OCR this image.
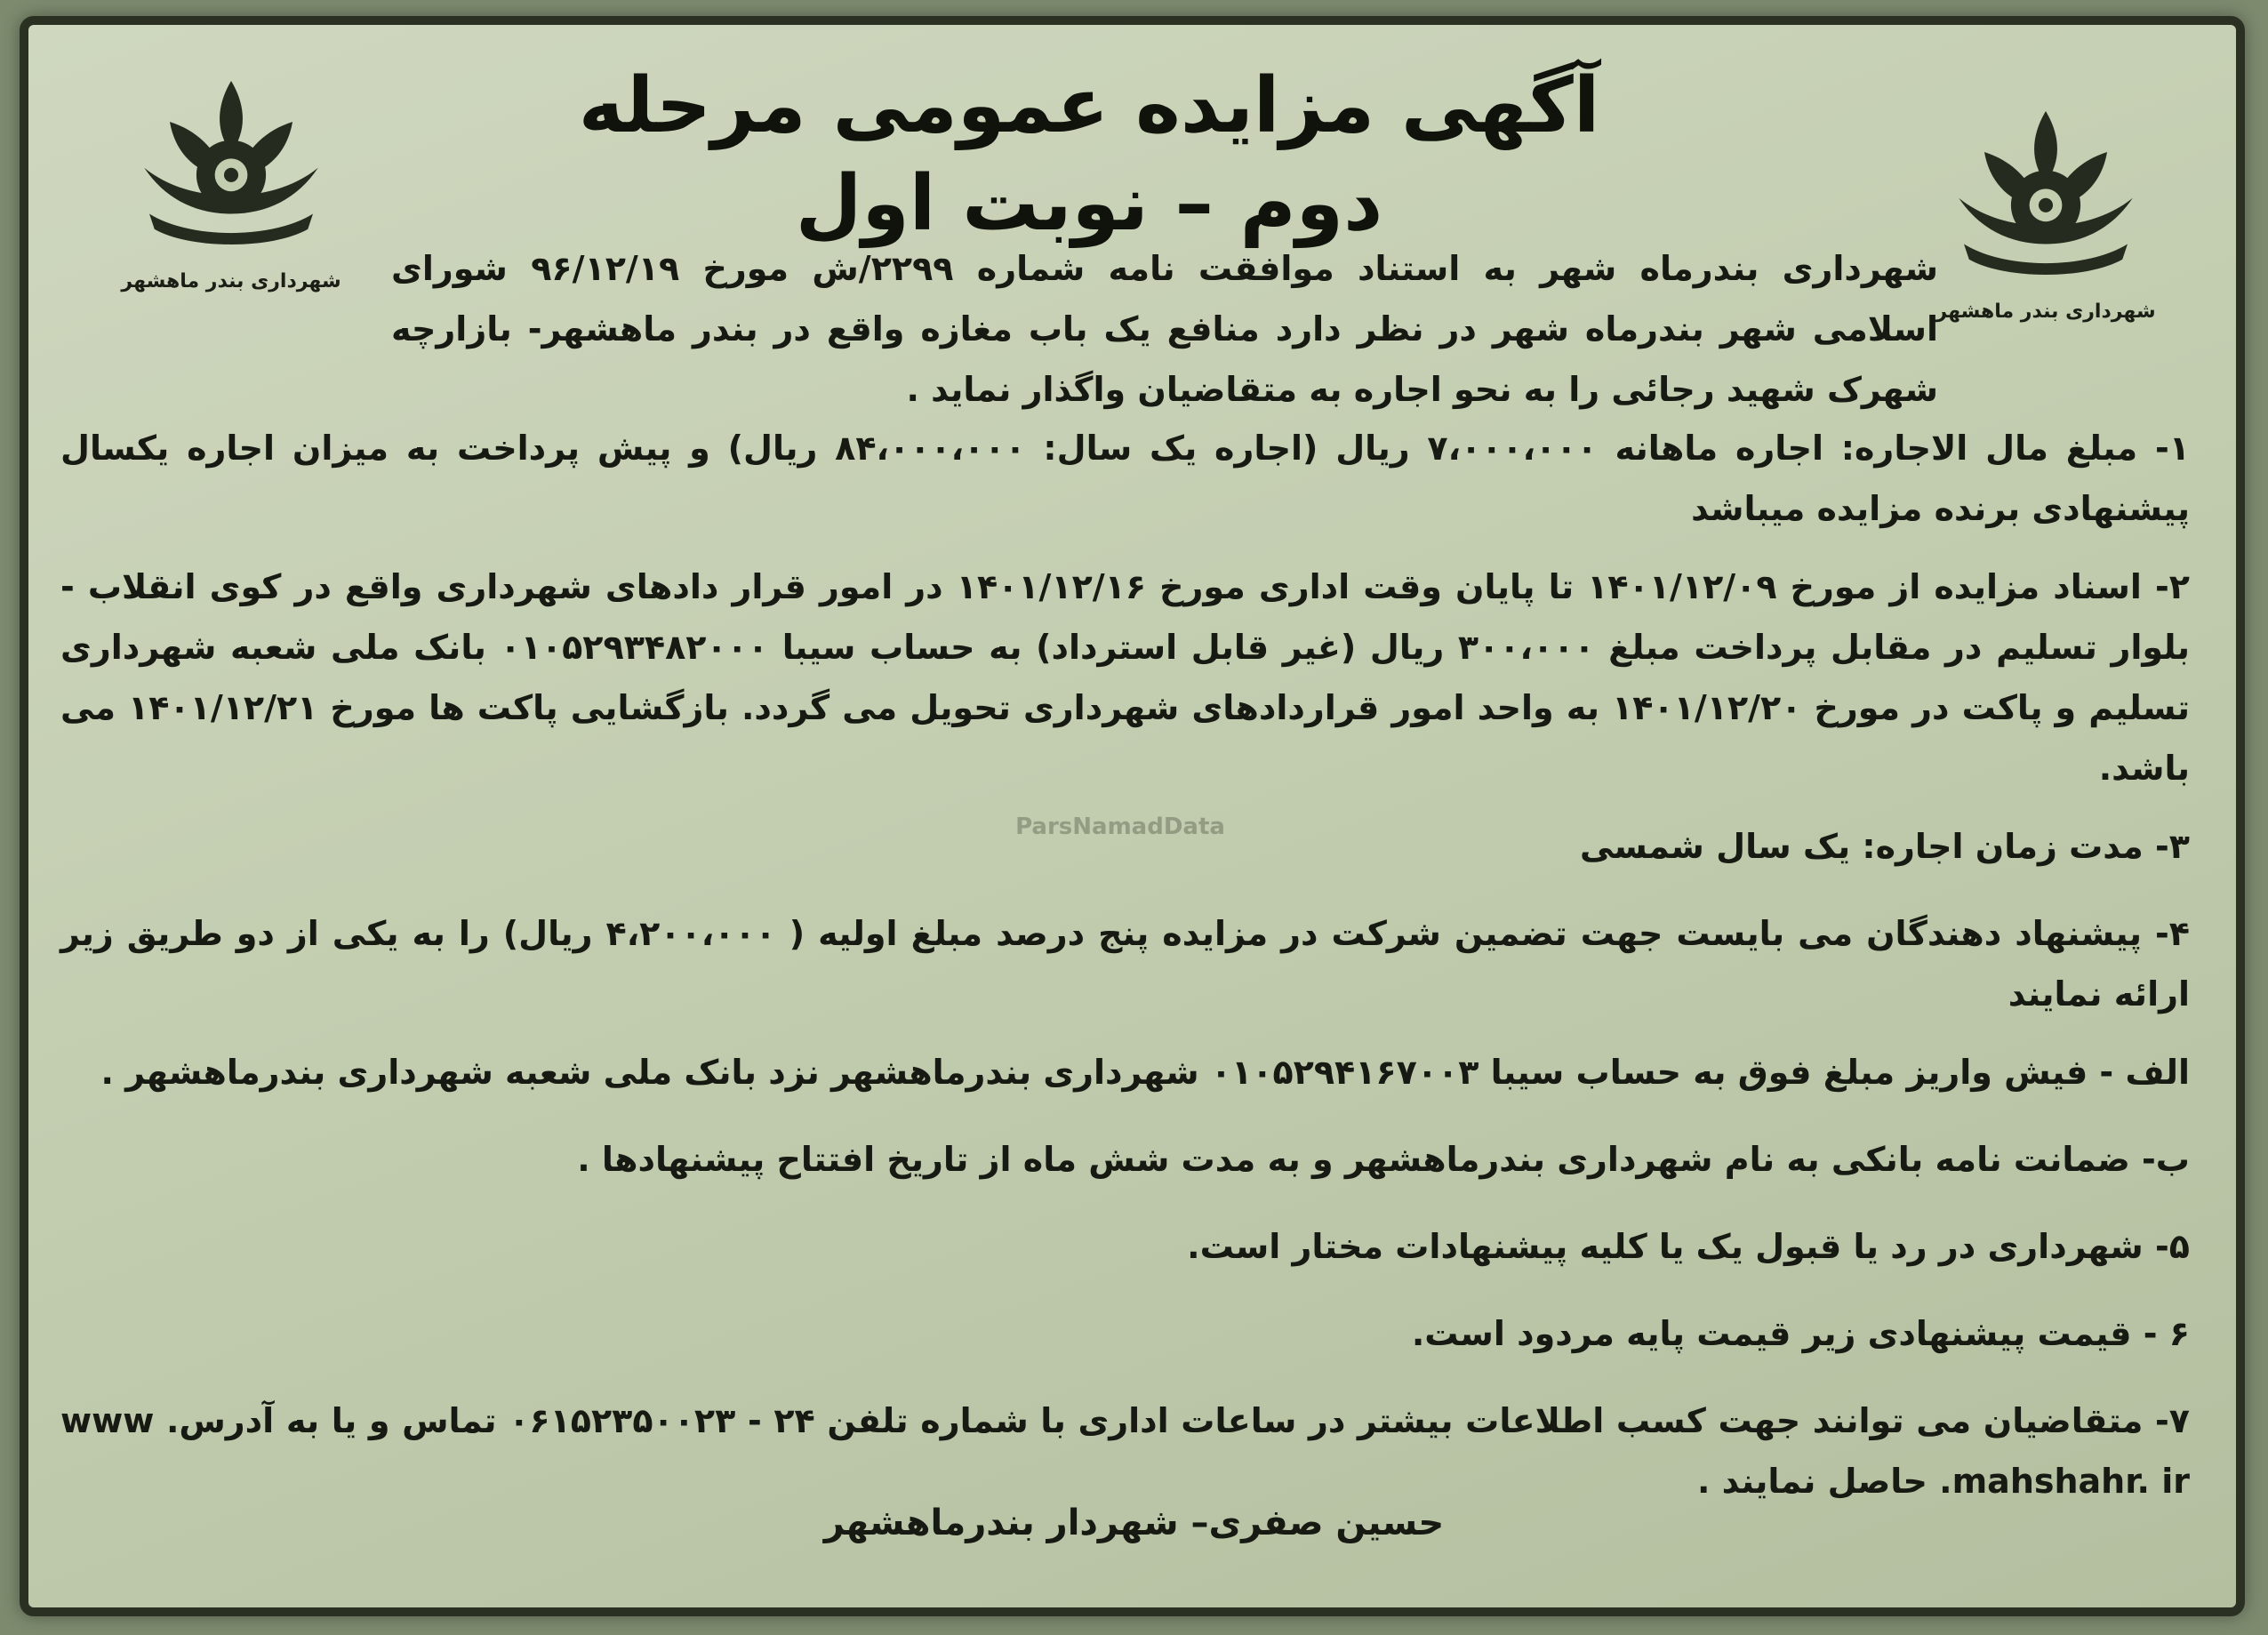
شهرداری بندر ماهشهر
شهرداری بندر ماهشهر
آگهی مزایده عمومی مرحله دوم – نوبت اول

شهرداری بندرماه شهر به استناد موافقت نامه شماره ۲۲۹۹/ش مورخ ۹۶/۱۲/۱۹ شورای اسلامی شهر بندرماه شهر در نظر دارد منافع یک باب مغازه واقع در بندر ماهشهر- بازارچه شهرک شهید رجائی را به نحو اجاره به متقاضیان واگذار نماید .

۱- مبلغ مال الاجاره: اجاره ماهانه ۷،۰۰۰،۰۰۰ ریال (اجاره یک سال: ۸۴،۰۰۰،۰۰۰ ریال) و پیش پرداخت به میزان اجاره یکسال پیشنهادی برنده مزایده میباشد

۲- اسناد مزایده از مورخ ۱۴۰۱/۱۲/۰۹ تا پایان وقت اداری مورخ ۱۴۰۱/۱۲/۱۶ در امور قرار دادهای شهرداری واقع در کوی انقلاب - بلوار تسلیم در مقابل پرداخت مبلغ ۳۰۰،۰۰۰ ریال (غیر قابل استرداد) به حساب سیبا ۰۱۰۵۲۹۳۴۸۲۰۰۰ بانک ملی شعبه شهرداری تسلیم و پاکت در مورخ ۱۴۰۱/۱۲/۲۰ به واحد امور قراردادهای شهرداری تحویل می گردد. بازگشایی پاکت ها مورخ ۱۴۰۱/۱۲/۲۱ می باشد.

۳- مدت زمان اجاره: یک سال شمسی

۴- پیشنهاد دهندگان می بایست جهت تضمین شرکت در مزایده پنج درصد مبلغ اولیه ( ۴،۲۰۰،۰۰۰ ریال) را به یکی از دو طریق زیر ارائه نمایند

الف - فیش واریز مبلغ فوق به حساب سیبا ۰۱۰۵۲۹۴۱۶۷۰۰۳ شهرداری بندرماهشهر نزد بانک ملی شعبه شهرداری بندرماهشهر .

ب- ضمانت نامه بانکی به نام شهرداری بندرماهشهر و به مدت شش ماه از تاریخ افتتاح پیشنهادها .

۵- شهرداری در رد یا قبول یک یا کلیه پیشنهادات مختار است.

۶ - قیمت پیشنهادی زیر قیمت پایه مردود است.

۷- متقاضیان می توانند جهت کسب اطلاعات بیشتر در ساعات اداری با شماره تلفن ۲۴ - ۰۶۱۵۲۳۵۰۰۲۳ تماس و یا به آدرس. www .mahshahr. ir حاصل نمایند .

ParsNamadData
حسین صفری– شهردار بندرماهشهر
